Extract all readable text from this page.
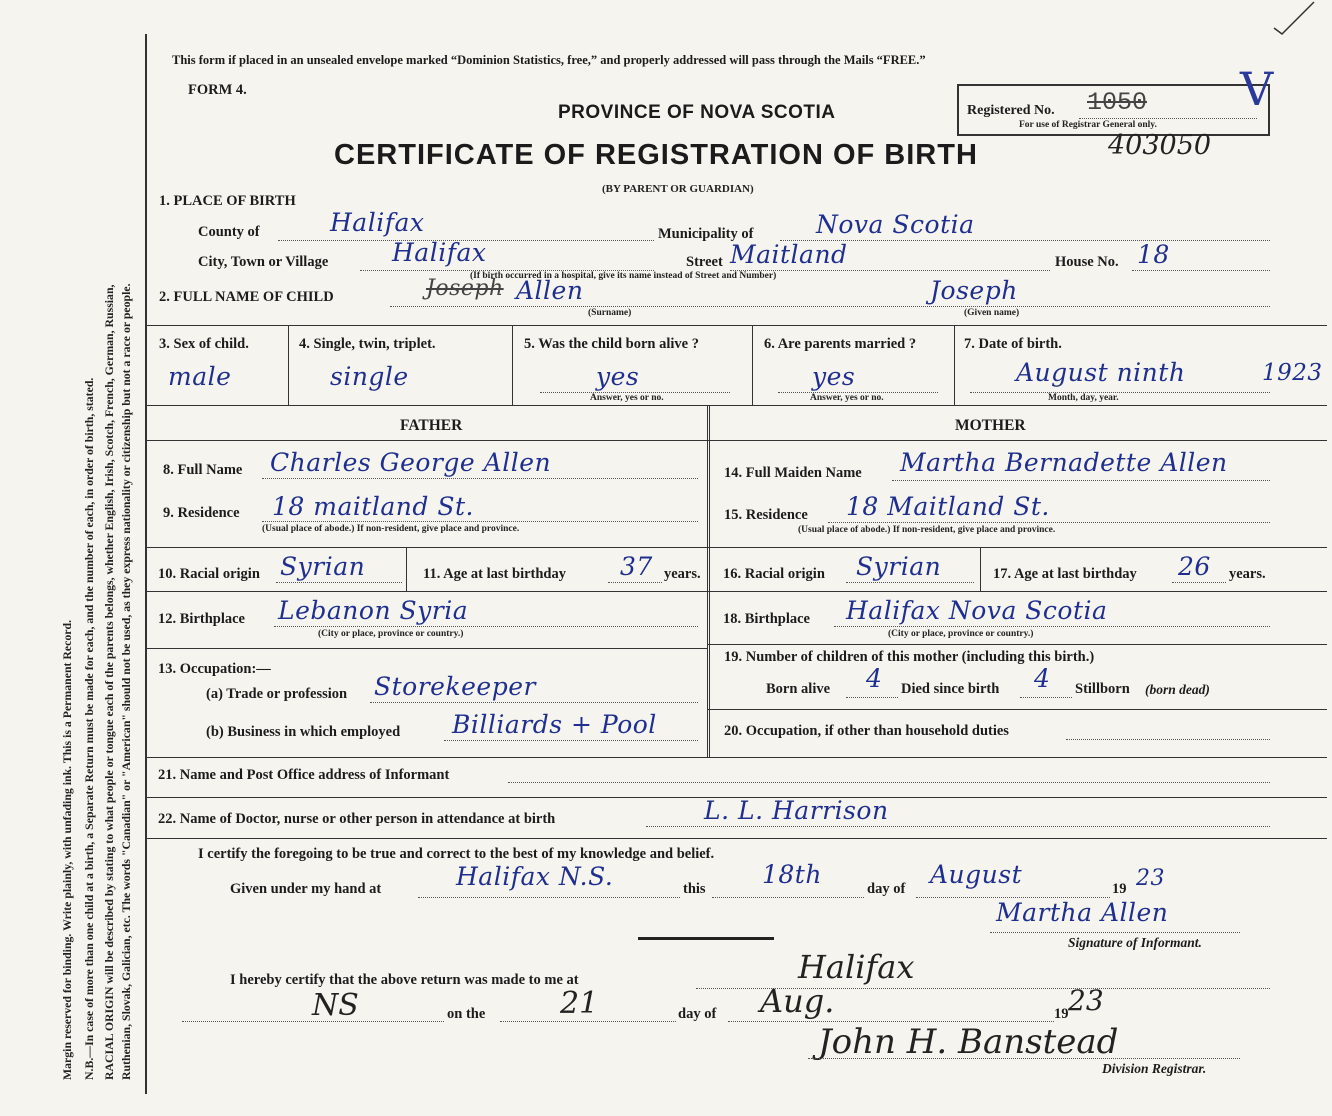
Margin reserved for binding. Write plainly, with unfading ink. This is a Permanent Record. N.B.—In case of more than one child at a birth, a Separate Return must be made for each, and the number of each, in order of birth, stated. RACIAL ORIGIN will be described by stating to what people or tongue each of the parents belongs, whether English, Irish, Scotch, French, German, Russian, Ruthenian, Slovak, Galician, etc. The words "Canadian" or "American" should not be used, as they express nationality or citizenship but not a race or people.
This form if placed in an unsealed envelope marked “Dominion Statistics, free,” and properly addressed will pass through the Mails “FREE.”
FORM 4.
PROVINCE OF NOVA SCOTIA
CERTIFICATE OF REGISTRATION OF BIRTH
(BY PARENT OR GUARDIAN)
Registered No. 1050
For use of Registrar General only.
V
403050
1. PLACE OF BIRTH
County of	Halifax	Municipality of	Nova Scotia
City, Town or Village	Halifax	Street Maitland	House No. 18
(If birth occurred in a hospital, give its name instead of Street and Number)
2. FULL NAME OF CHILD	Joseph Allen
(Surname)
Joseph
(Given name)
3. Sex of child.
male
4. Single, twin, triplet.
single
5. Was the child born alive ?
yes
Answer, yes or no.
6. Are parents married ?
yes
Answer, yes or no.
7. Date of birth.
August ninth	1923
Month, day, year.
FATHER	MOTHER
8. Full Name Charles George Allen
9. Residence 18 maitland St.
(Usual place of abode.) If non-resident, give place and province.
10. Racial origin Syrian	11. Age at last birthday 37 years.
12. Birthplace Lebanon Syria
(City or place, province or country.)
13. Occupation:—
(a) Trade or profession Storekeeper
(b) Business in which employed Billiards + Pool
14. Full Maiden Name Martha Bernadette Allen
15. Residence 18 Maitland St.
(Usual place of abode.) If non-resident, give place and province.
16. Racial origin Syrian	17. Age at last birthday 26 years.
18. Birthplace Halifax Nova Scotia
(City or place, province or country.)
19. Number of children of this mother (including this birth.)
Born alive 4 Died since birth 4 Stillborn (born dead)
20. Occupation, if other than household duties
21. Name and Post Office address of Informant
22. Name of Doctor, nurse or other person in attendance at birth	L. L. Harrison
I certify the foregoing to be true and correct to the best of my knowledge and belief.
Given under my hand at	Halifax N.S.	this 18th	day of August	19 23
Martha Allen
Signature of Informant.
I hereby certify that the above return was made to me at	Halifax
NS	on the 21	day of Aug.	19 23
John H. Banstead
Division Registrar.
